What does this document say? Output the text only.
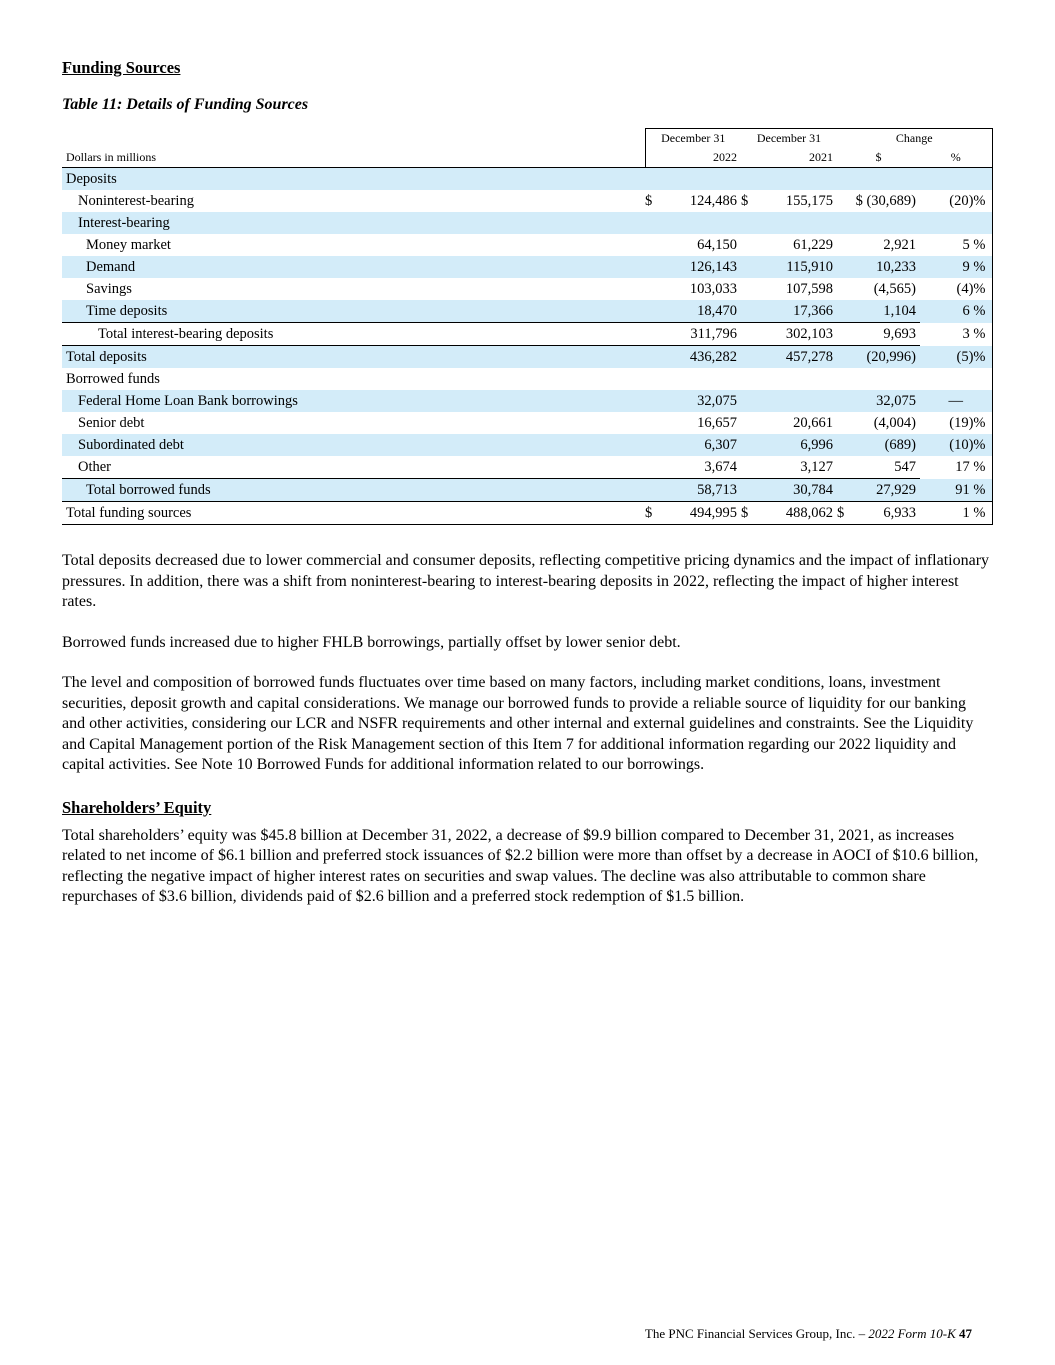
Funding Sources
Table 11: Details of Funding Sources
	December 31		December 31		Change	
Dollars in millions	2022		2021		$	%
Deposits						
Noninterest-bearing	$	124,486	$	155,175	$ (30,689)	(20)%
Interest-bearing						
Money market		64,150		61,229	2,921	5 %
Demand		126,143		115,910	10,233	9 %
Savings		103,033		107,598	(4,565)	(4)%
Time deposits		18,470		17,366	1,104	6 %
Total interest-bearing deposits		311,796		302,103	9,693	3 %
Total deposits		436,282		457,278	(20,996)	(5)%
Borrowed funds						
Federal Home Loan Bank borrowings		32,075			32,075	—
Senior debt		16,657		20,661	(4,004)	(19)%
Subordinated debt		6,307		6,996	(689)	(10)%
Other		3,674		3,127	547	17 %
Total borrowed funds		58,713		30,784	27,929	91 %
Total funding sources	$	494,995	$	488,062	$ 6,933	1 %

Total deposits decreased due to lower commercial and consumer deposits, reflecting competitive pricing dynamics and the impact of inflationary pressures. In addition, there was a shift from noninterest-bearing to interest-bearing deposits in 2022, reflecting the impact of higher interest rates.

Borrowed funds increased due to higher FHLB borrowings, partially offset by lower senior debt.

The level and composition of borrowed funds fluctuates over time based on many factors, including market conditions, loans, investment securities, deposit growth and capital considerations. We manage our borrowed funds to provide a reliable source of liquidity for our banking and other activities, considering our LCR and NSFR requirements and other internal and external guidelines and constraints. See the Liquidity and Capital Management portion of the Risk Management section of this Item 7 for additional information regarding our 2022 liquidity and capital activities. See Note 10 Borrowed Funds for additional information related to our borrowings.

Shareholders’ Equity

Total shareholders’ equity was $45.8 billion at December 31, 2022, a decrease of $9.9 billion compared to December 31, 2021, as increases related to net income of $6.1 billion and preferred stock issuances of $2.2 billion were more than offset by a decrease in AOCI of $10.6 billion, reflecting the negative impact of higher interest rates on securities and swap values. The decline was also attributable to common share repurchases of $3.6 billion, dividends paid of $2.6 billion and a preferred stock redemption of $1.5 billion.

The PNC Financial Services Group, Inc. – 2022 Form 10-K 47
